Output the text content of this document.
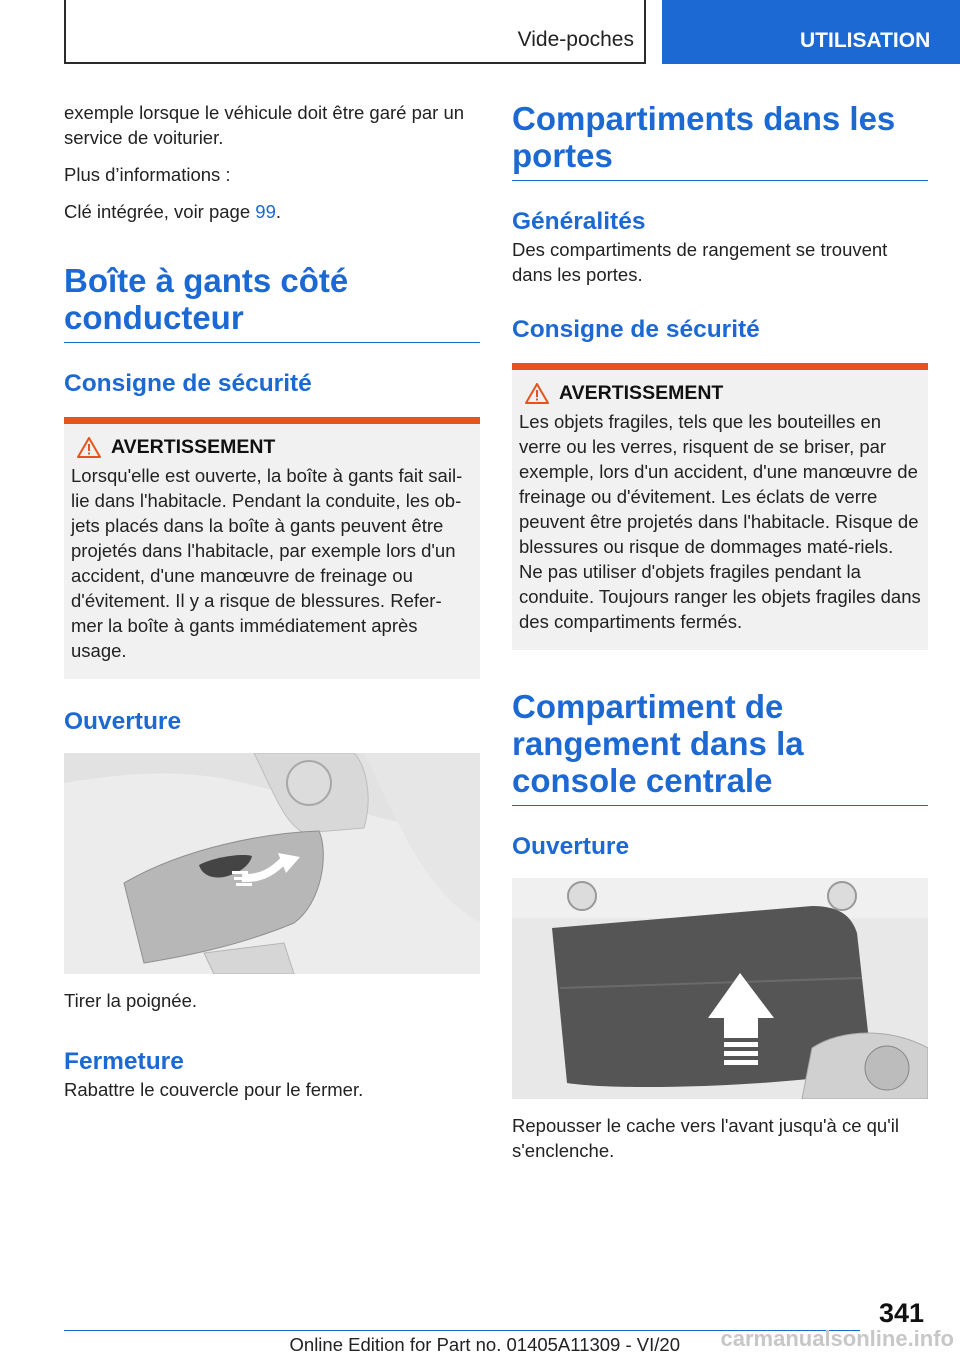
Vide-poches	UTILISATION

exemple lorsque le véhicule doit être garé par un service de voiturier.

Plus d’informations :

Clé intégrée, voir page 99.

Boîte à gants côté conducteur
Consigne de sécurité
AVERTISSEMENT

Lorsqu'elle est ouverte, la boîte à gants fait sail-lie dans l'habitacle. Pendant la conduite, les ob-jets placés dans la boîte à gants peuvent être projetés dans l'habitacle, par exemple lors d'un accident, d'une manœuvre de freinage ou d'évitement. Il y a risque de blessures. Refer-mer la boîte à gants immédiatement après usage.

Ouverture

Tirer la poignée.

Fermeture

Rabattre le couvercle pour le fermer.

Compartiments dans les portes
Généralités

Des compartiments de rangement se trouvent dans les portes.

Consigne de sécurité
AVERTISSEMENT

Les objets fragiles, tels que les bouteilles en verre ou les verres, risquent de se briser, par exemple, lors d'un accident, d'une manœuvre de freinage ou d'évitement. Les éclats de verre peuvent être projetés dans l'habitacle. Risque de blessures ou risque de dommages maté-riels. Ne pas utiliser d'objets fragiles pendant la conduite. Toujours ranger les objets fragiles dans des compartiments fermés.

Compartiment de rangement dans la console centrale
Ouverture

Repousser le cache vers l'avant jusqu'à ce qu'il s'enclenche.

341
Online Edition for Part no. 01405A11309 - VI/20	carmanualsonline.info
